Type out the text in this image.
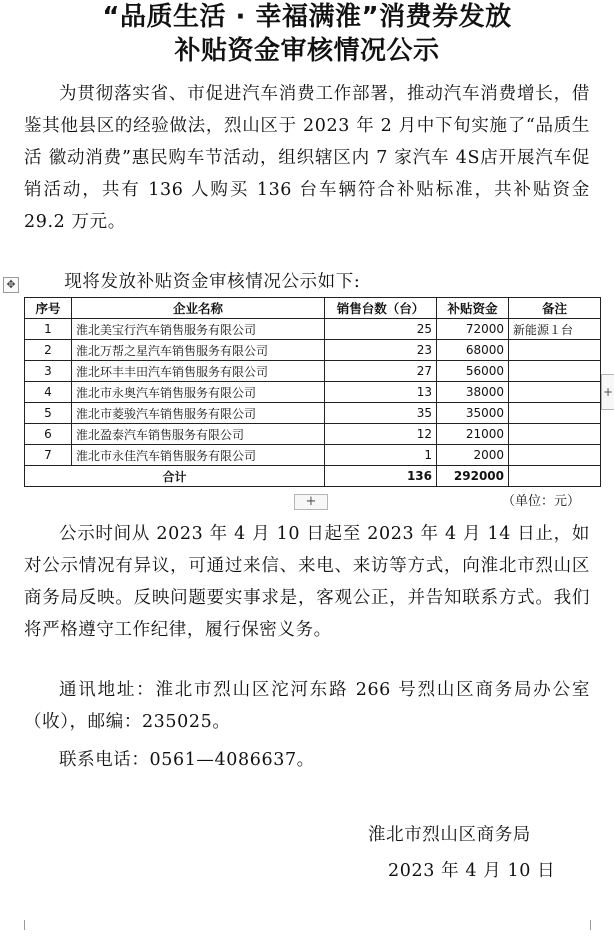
“品质生活 · 幸福满淮”消费券发放
补贴资金审核情况公示

为贯彻落实省、市促进汽车消费工作部署，推动汽车消费增长，借鉴其他县区的经验做法，烈山区于 2023 年 2 月中下旬实施了“品质生活 徽动消费”惠民购车节活动，组织辖区内 7 家汽车 4S店开展汽车促销活动，共有 136 人购买 136 台车辆符合补贴标准，共补贴资金 29.2 万元。

现将发放补贴资金审核情况公示如下:

✥
序号	企业名称	销售台数（台）	补贴资金	备注
1	淮北美宝行汽车销售服务有限公司	25	72000	新能源１台
2	淮北万帮之星汽车销售服务有限公司	23	68000	
3	淮北环丰丰田汽车销售服务有限公司	27	56000	
4	淮北市永奥汽车销售服务有限公司	13	38000	
5	淮北市菱骏汽车销售服务有限公司	35	35000	
6	淮北盈泰汽车销售服务有限公司	12	21000	
7	淮北市永佳汽车销售服务有限公司	1	2000	
合计		136	292000	
+
+	（单位：元）

公示时间从 2023 年 4 月 10 日起至 2023 年 4 月 14 日止，如对公示情况有异议，可通过来信、来电、来访等方式，向淮北市烈山区商务局反映。反映问题要实事求是，客观公正，并告知联系方式。我们将严格遵守工作纪律，履行保密义务。

通讯地址：淮北市烈山区沱河东路 266 号烈山区商务局办公室（收），邮编：235025。

联系电话：0561—4086637。

淮北市烈山区商务局
2023 年 4 月 10 日
